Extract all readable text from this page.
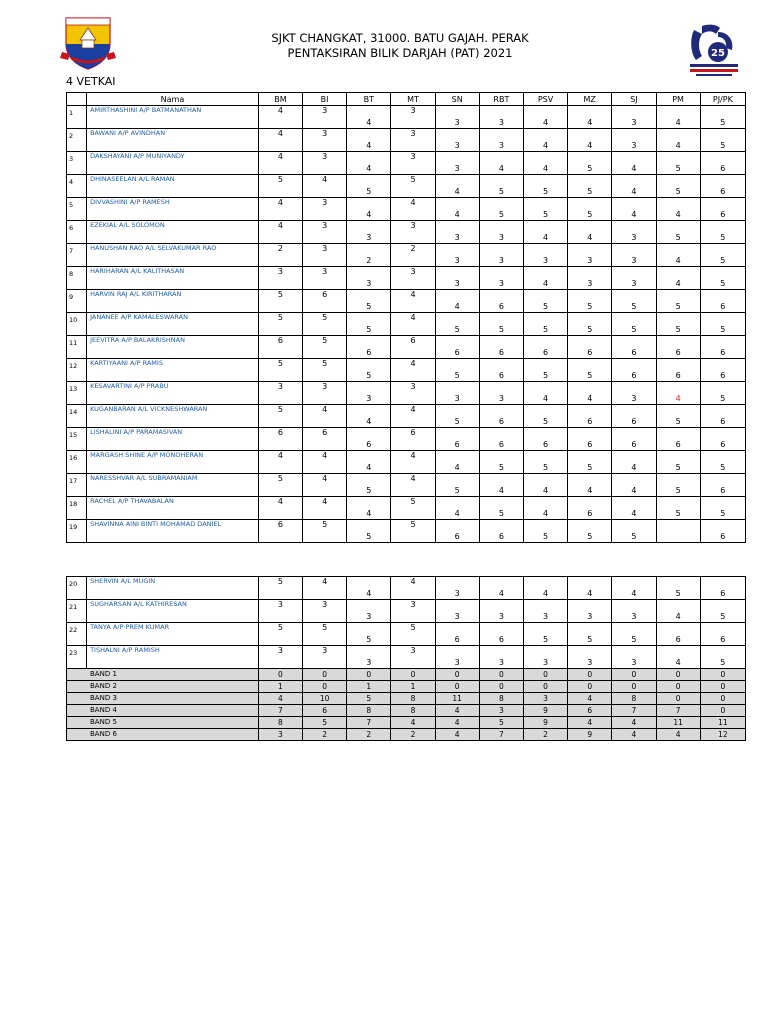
SJKT CHANGKAT, 31000. BATU GAJAH. PERAK
PENTAKSIRAN BILIK DARJAH (PAT) 2021	25
4 VETKAI
	Nama	BM	BI	BT	MT	SN	RBT	PSV	MZ	SJ	PM	PJ/PK
1	AMIRTHASHINI A/P BATMANATHAN	4	3	4	3	3	3	4	4	3	4	5
2	BAWANI A/P AVINDHAN	4	3	4	3	3	3	4	4	3	4	5
3	DAKSHAYANI A/P MUNIYANDY	4	3	4	3	3	4	4	5	4	5	6
4	DHINASEELAN A/L RAMAN	5	4	5	5	4	5	5	5	4	5	6
5	DIVVASHINI A/P RAMESH	4	3	4	4	4	5	5	5	4	4	6
6	EZEKIAL A/L SOLOMON	4	3	3	3	3	3	4	4	3	5	5
7	HANUSHAN RAO A/L SELVAKUMAR RAO	2	3	2	2	3	3	3	3	3	4	5
8	HARIHARAN A/L KALITHASAN	3	3	3	3	3	3	4	3	3	4	5
9	HARVIN RAJ A/L KIRITHARAN	5	6	5	4	4	6	5	5	5	5	6
10	JANANEE A/P KAMALESWARAN	5	5	5	4	5	5	5	5	5	5	5
11	JEEVITRA A/P BALAKRISHNAN	6	5	6	6	6	6	6	6	6	6	6
12	KARTIYAANI A/P RAMIS	5	5	5	4	5	6	5	5	6	6	6
13	KESAVARTINI A/P PRABU	3	3	3	3	3	3	4	4	3	4	5
14	KUGANBARAN A/L VICKNESHWARAN	5	4	4	4	5	6	5	6	6	5	6
15	LISHALINI A/P PARAMASIVAN	6	6	6	6	6	6	6	6	6	6	6
16	MARGASH SHINE A/P MONOHERAN	4	4	4	4	4	5	5	5	4	5	5
17	NARESSHVAR A/L SUBRAMANIAM	5	4	5	4	5	4	4	4	4	5	6
18	RACHEL A/P THAVABALAN	4	4	4	5	4	5	4	6	4	5	5
19	SHAVINNA AINI BINTI MOHAMAD DANIEL	6	5	5	5	6	6	5	5	5		6
20	SHERVIN A/L MUGIN	5	4	4	4	3	4	4	4	4	5	6
21	SUGHARSAN A/L KATHIRESAN	3	3	3	3	3	3	3	3	3	4	5
22	TANYA A/P PREM KUMAR	5	5	5	5	6	6	5	5	5	6	6
23	TISHALNI A/P RAMISH	3	3	3	3	3	3	3	3	3	4	5
BAND 1		0	0	0	0	0	0	0	0	0	0	0
BAND 2		1	0	1	1	0	0	0	0	0	0	0
BAND 3		4	10	5	8	11	8	3	4	8	0	0
BAND 4		7	6	8	8	4	3	9	6	7	7	0
BAND 5		8	5	7	4	4	5	9	4	4	11	11
BAND 6		3	2	2	2	4	7	2	9	4	4	12
